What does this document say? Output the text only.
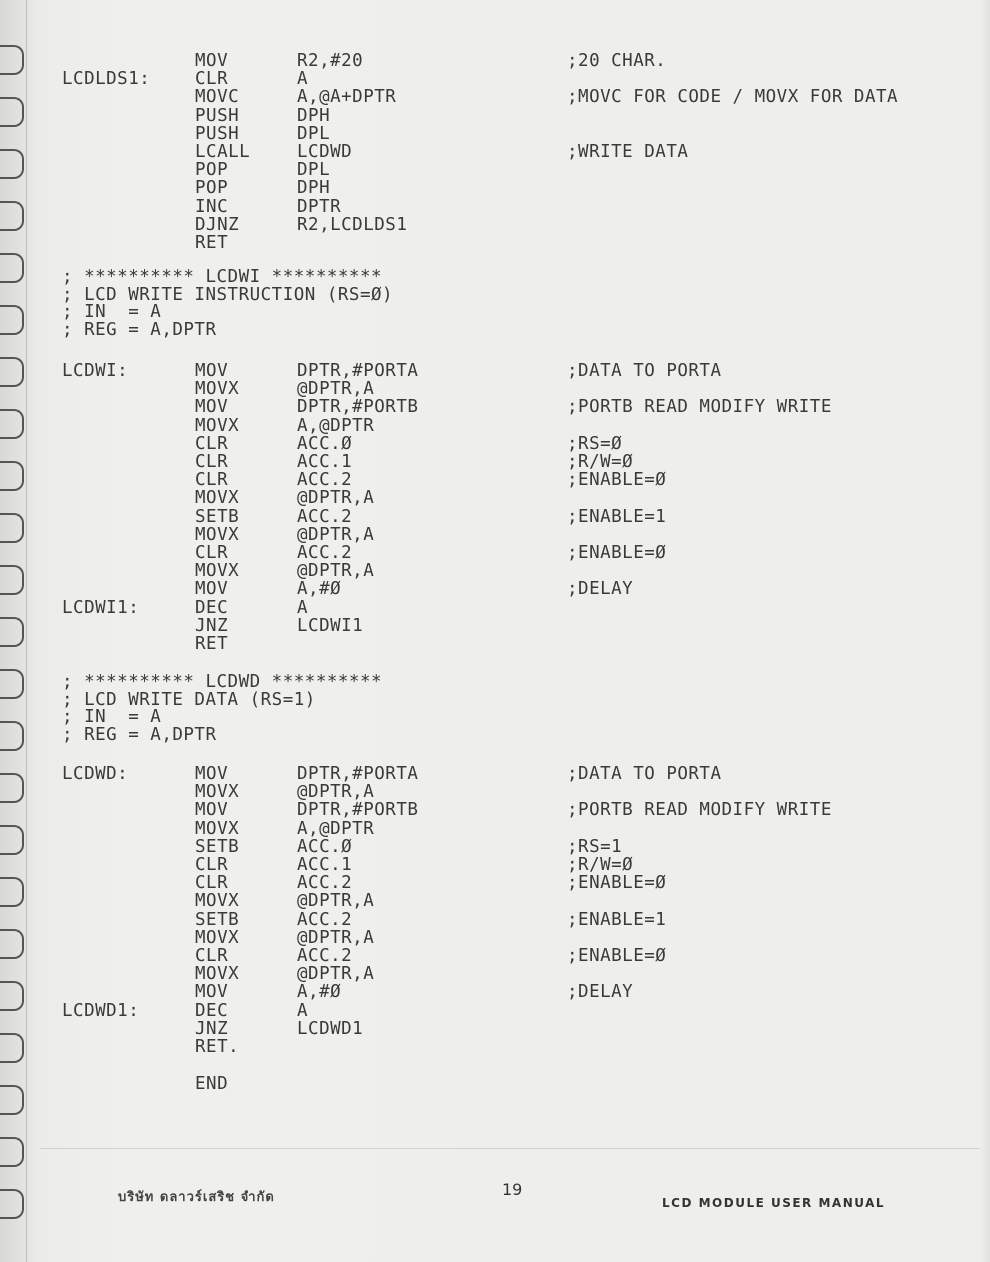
MOV	R2,#20	;20 CHAR.
LCDLDS1:	CLR	A
MOVC	A,@A+DPTR	;MOVC FOR CODE / MOVX FOR DATA
PUSH	DPH
PUSH	DPL
LCALL	LCDWD	;WRITE DATA
POP	DPL
POP	DPH
INC	DPTR
DJNZ	R2,LCDLDS1
RET
; ********** LCDWI **********
; LCD WRITE INSTRUCTION (RS=Ø)
; IN  = A
; REG = A,DPTR
LCDWI:	MOV	DPTR,#PORTA	;DATA TO PORTA
MOVX	@DPTR,A
MOV	DPTR,#PORTB	;PORTB READ MODIFY WRITE
MOVX	A,@DPTR
CLR	ACC.Ø	;RS=Ø
CLR	ACC.1	;R/W=Ø
CLR	ACC.2	;ENABLE=Ø
MOVX	@DPTR,A
SETB	ACC.2	;ENABLE=1
MOVX	@DPTR,A
CLR	ACC.2	;ENABLE=Ø
MOVX	@DPTR,A
MOV	A,#Ø	;DELAY
LCDWI1:	DEC	A
JNZ	LCDWI1
RET
; ********** LCDWD **********
; LCD WRITE DATA (RS=1)
; IN  = A
; REG = A,DPTR
LCDWD:	MOV	DPTR,#PORTA	;DATA TO PORTA
MOVX	@DPTR,A
MOV	DPTR,#PORTB	;PORTB READ MODIFY WRITE
MOVX	A,@DPTR
SETB	ACC.Ø	;RS=1
CLR	ACC.1	;R/W=Ø
CLR	ACC.2	;ENABLE=Ø
MOVX	@DPTR,A
SETB	ACC.2	;ENABLE=1
MOVX	@DPTR,A
CLR	ACC.2	;ENABLE=Ø
MOVX	@DPTR,A
MOV	A,#Ø	;DELAY
LCDWD1:	DEC	A
JNZ	LCDWD1
RET.
END
บริษัท ดลาวร์เสริช จำกัด	19
LCD MODULE USER MANUAL
